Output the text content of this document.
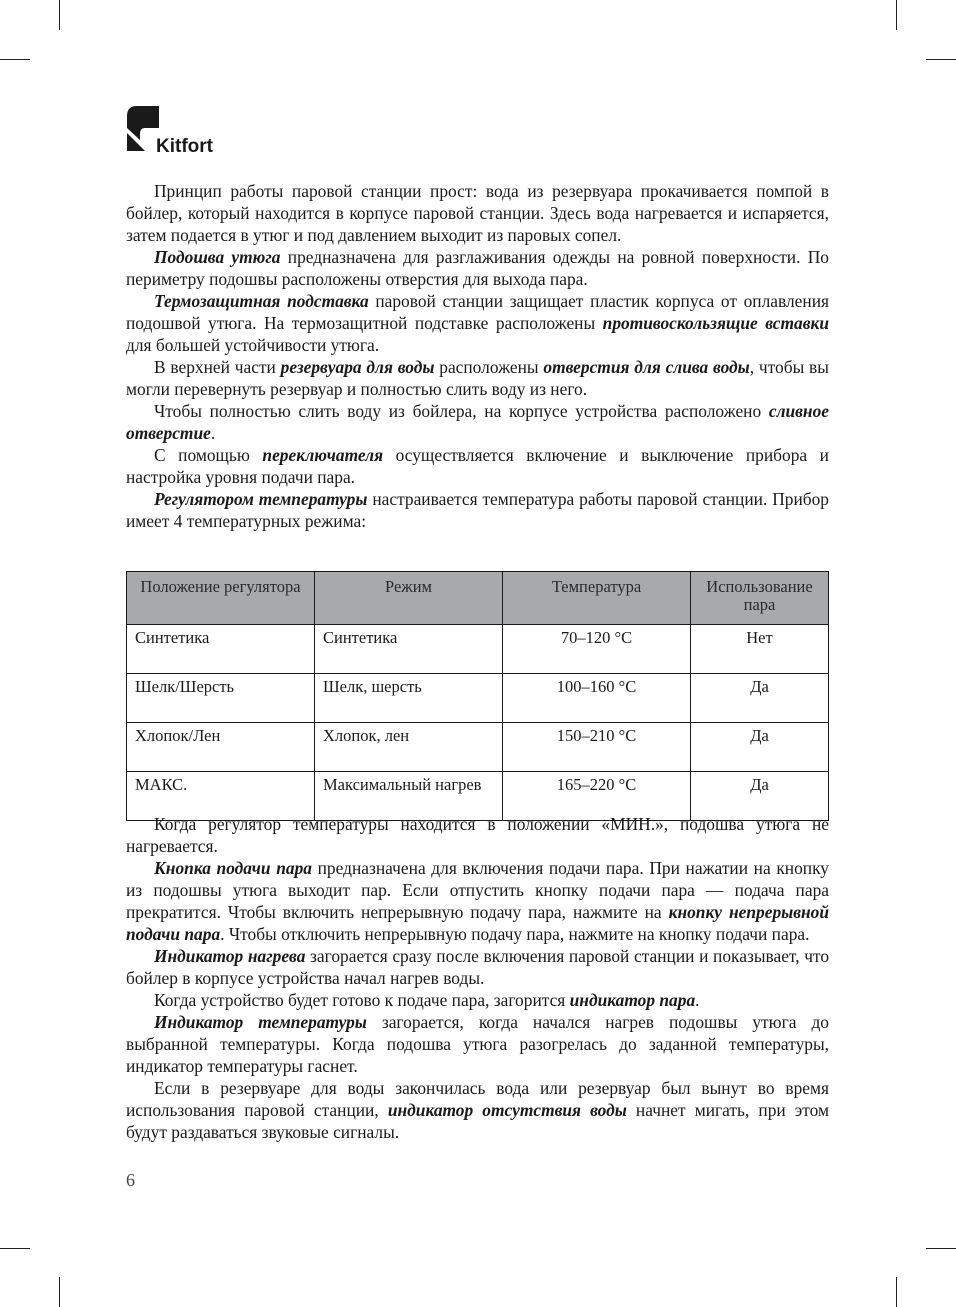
Kitfort

Принцип работы паровой станции прост: вода из резервуара прокачивается помпой в бойлер, который находится в корпусе паровой станции. Здесь вода нагревается и испаряется, затем подается в утюг и под давлением выходит из паровых сопел.

Подошва утюга предназначена для разглаживания одежды на ровной поверхности. По периметру подошвы расположены отверстия для выхода пара.

Термозащитная подставка паровой станции защищает пластик корпуса от оплавления подошвой утюга. На термозащитной подставке расположены противоскользящие вставки для большей устойчивости утюга.

В верхней части резервуара для воды расположены отверстия для слива воды, чтобы вы могли перевернуть резервуар и полностью слить воду из него.

Чтобы полностью слить воду из бойлера, на корпусе устройства расположено сливное отверстие.

С помощью переключателя осуществляется включение и выключение прибора и настройка уровня подачи пара.

Регулятором температуры настраивается температура работы паровой станции. Прибор имеет 4 температурных режима:

Положение регулятора	Режим	Температура	Использование пара
Синтетика	Синтетика	70–120 °C	Нет
Шелк/Шерсть	Шелк, шерсть	100–160 °C	Да
Хлопок/Лен	Хлопок, лен	150–210 °C	Да
МАКС.	Максимальный нагрев	165–220 °C	Да

Когда регулятор температуры находится в положении «МИН.», подошва утюга не нагревается.

Кнопка подачи пара предназначена для включения подачи пара. При нажатии на кнопку из подошвы утюга выходит пар. Если отпустить кнопку подачи пара — подача пара прекратится. Чтобы включить непрерывную подачу пара, нажмите на кнопку непрерывной подачи пара. Чтобы отключить непрерывную подачу пара, нажмите на кнопку подачи пара.

Индикатор нагрева загорается сразу после включения паровой станции и показывает, что бойлер в корпусе устройства начал нагрев воды.

Когда устройство будет готово к подаче пара, загорится индикатор пара.

Индикатор температуры загорается, когда начался нагрев подошвы утюга до выбранной температуры. Когда подошва утюга разогрелась до заданной температуры, индикатор температуры гаснет.

Если в резервуаре для воды закончилась вода или резервуар был вынут во время использования паровой станции, индикатор отсутствия воды начнет мигать, при этом будут раздаваться звуковые сигналы.

6
